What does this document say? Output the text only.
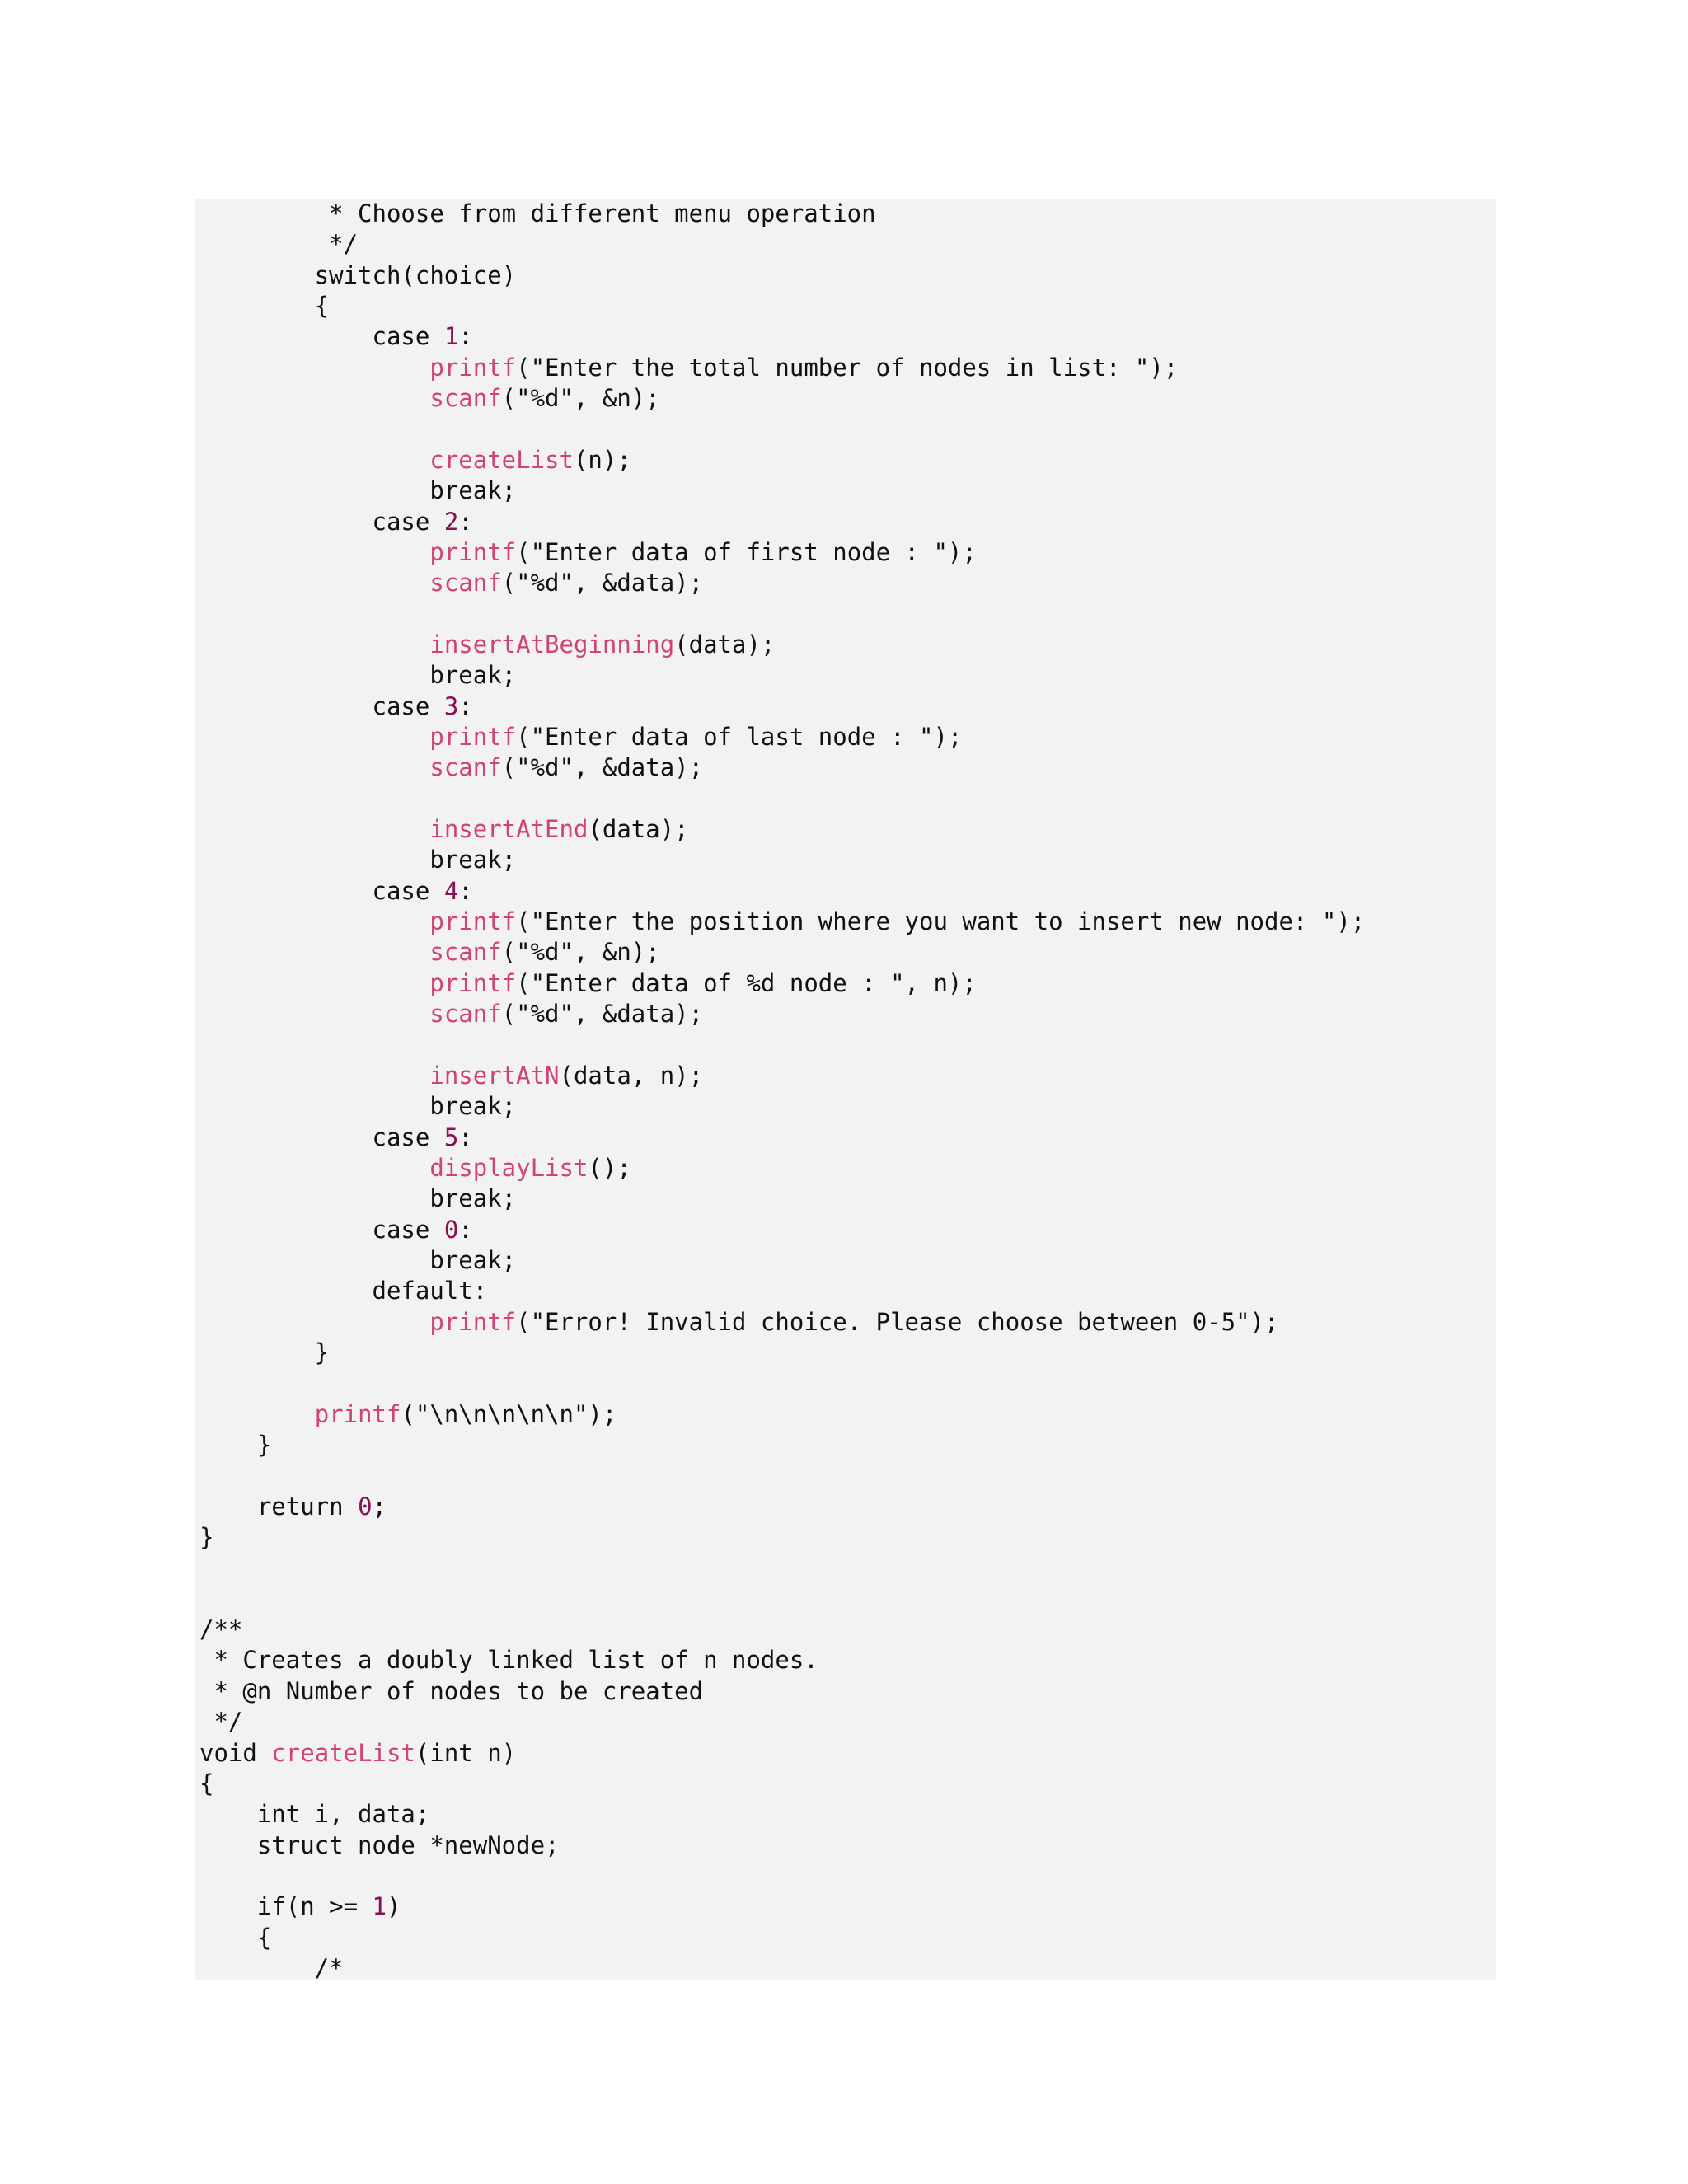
* Choose from different menu operation
*/
switch(choice)
{
case 1:
printf("Enter the total number of nodes in list: ");
scanf("%d", &n);
createList(n);
break;
case 2:
printf("Enter data of first node : ");
scanf("%d", &data);
insertAtBeginning(data);
break;
case 3:
printf("Enter data of last node : ");
scanf("%d", &data);
insertAtEnd(data);
break;
case 4:
printf("Enter the position where you want to insert new node: ");
scanf("%d", &n);
printf("Enter data of %d node : ", n);
scanf("%d", &data);
insertAtN(data, n);
break;
case 5:
displayList();
break;
case 0:
break;
default:
printf("Error! Invalid choice. Please choose between 0-5");
}
printf("\n\n\n\n\n");
}
return 0;
}
/**
* Creates a doubly linked list of n nodes.
* @n Number of nodes to be created
*/
void createList(int n)
{
int i, data;
struct node *newNode;
if(n >= 1)
{
/*
